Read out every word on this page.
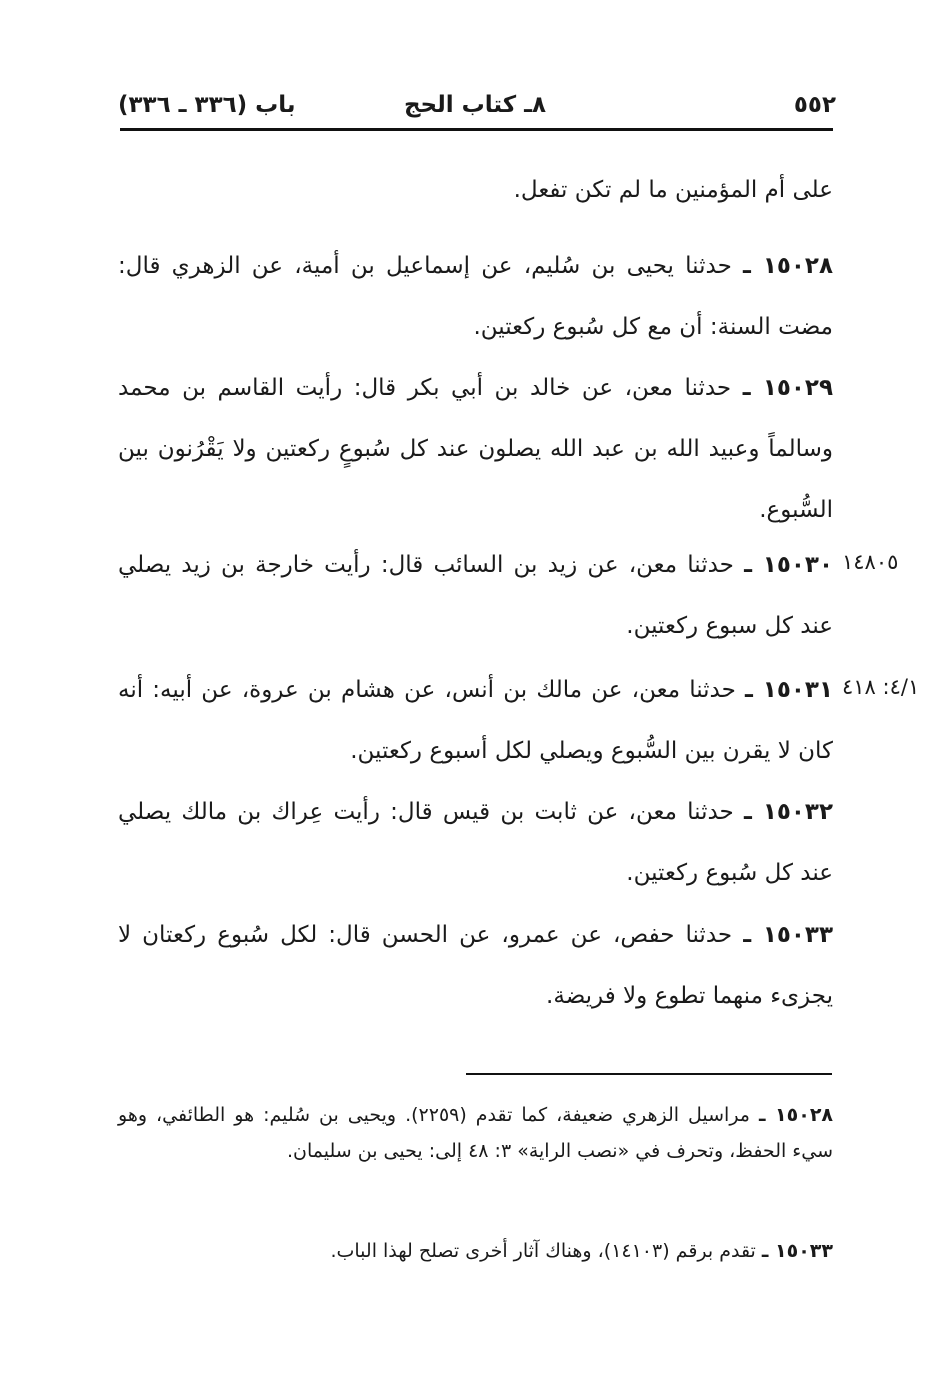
٥٥٢
٨ـ كتاب الحج
باب (٣٣٦ ـ ٣٣٦)
على أم المؤمنين ما لم تكن تفعل.
١٥٠٢٨ ـ حدثنا يحيى بن سُليم، عن إسماعيل بن أمية، عن الزهري قال: مضت السنة: أن مع كل سُبوع ركعتين.
١٥٠٢٩ ـ حدثنا معن، عن خالد بن أبي بكر قال: رأيت القاسم بن محمد وسالماً وعبيد الله بن عبد الله يصلون عند كل سُبوعٍ ركعتين ولا يَقْرُنون بين السُّبوع.
١٥٠٣٠ ـ حدثنا معن، عن زيد بن السائب قال: رأيت خارجة بن زيد يصلي عند كل سبوع ركعتين.
١٤٨٠٥
١٥٠٣١ ـ حدثنا معن، عن مالك بن أنس، عن هشام بن عروة، عن أبيه: أنه كان لا يقرن بين السُّبوع ويصلي لكل أسبوع ركعتين.
٤/١: ٤١٨
١٥٠٣٢ ـ حدثنا معن، عن ثابت بن قيس قال: رأيت عِراك بن مالك يصلي عند كل سُبوع ركعتين.
١٥٠٣٣ ـ حدثنا حفص، عن عمرو، عن الحسن قال: لكل سُبوع ركعتان لا يجزىء منهما تطوع ولا فريضة.
١٥٠٢٨ ـ مراسيل الزهري ضعيفة، كما تقدم (٢٢٥٩). ويحيى بن سُليم: هو الطائفي، وهو سيء الحفظ، وتحرف في «نصب الراية» ٣: ٤٨ إلى: يحيى بن سليمان.
١٥٠٣٣ ـ تقدم برقم (١٤١٠٣)، وهناك آثار أخرى تصلح لهذا الباب.
